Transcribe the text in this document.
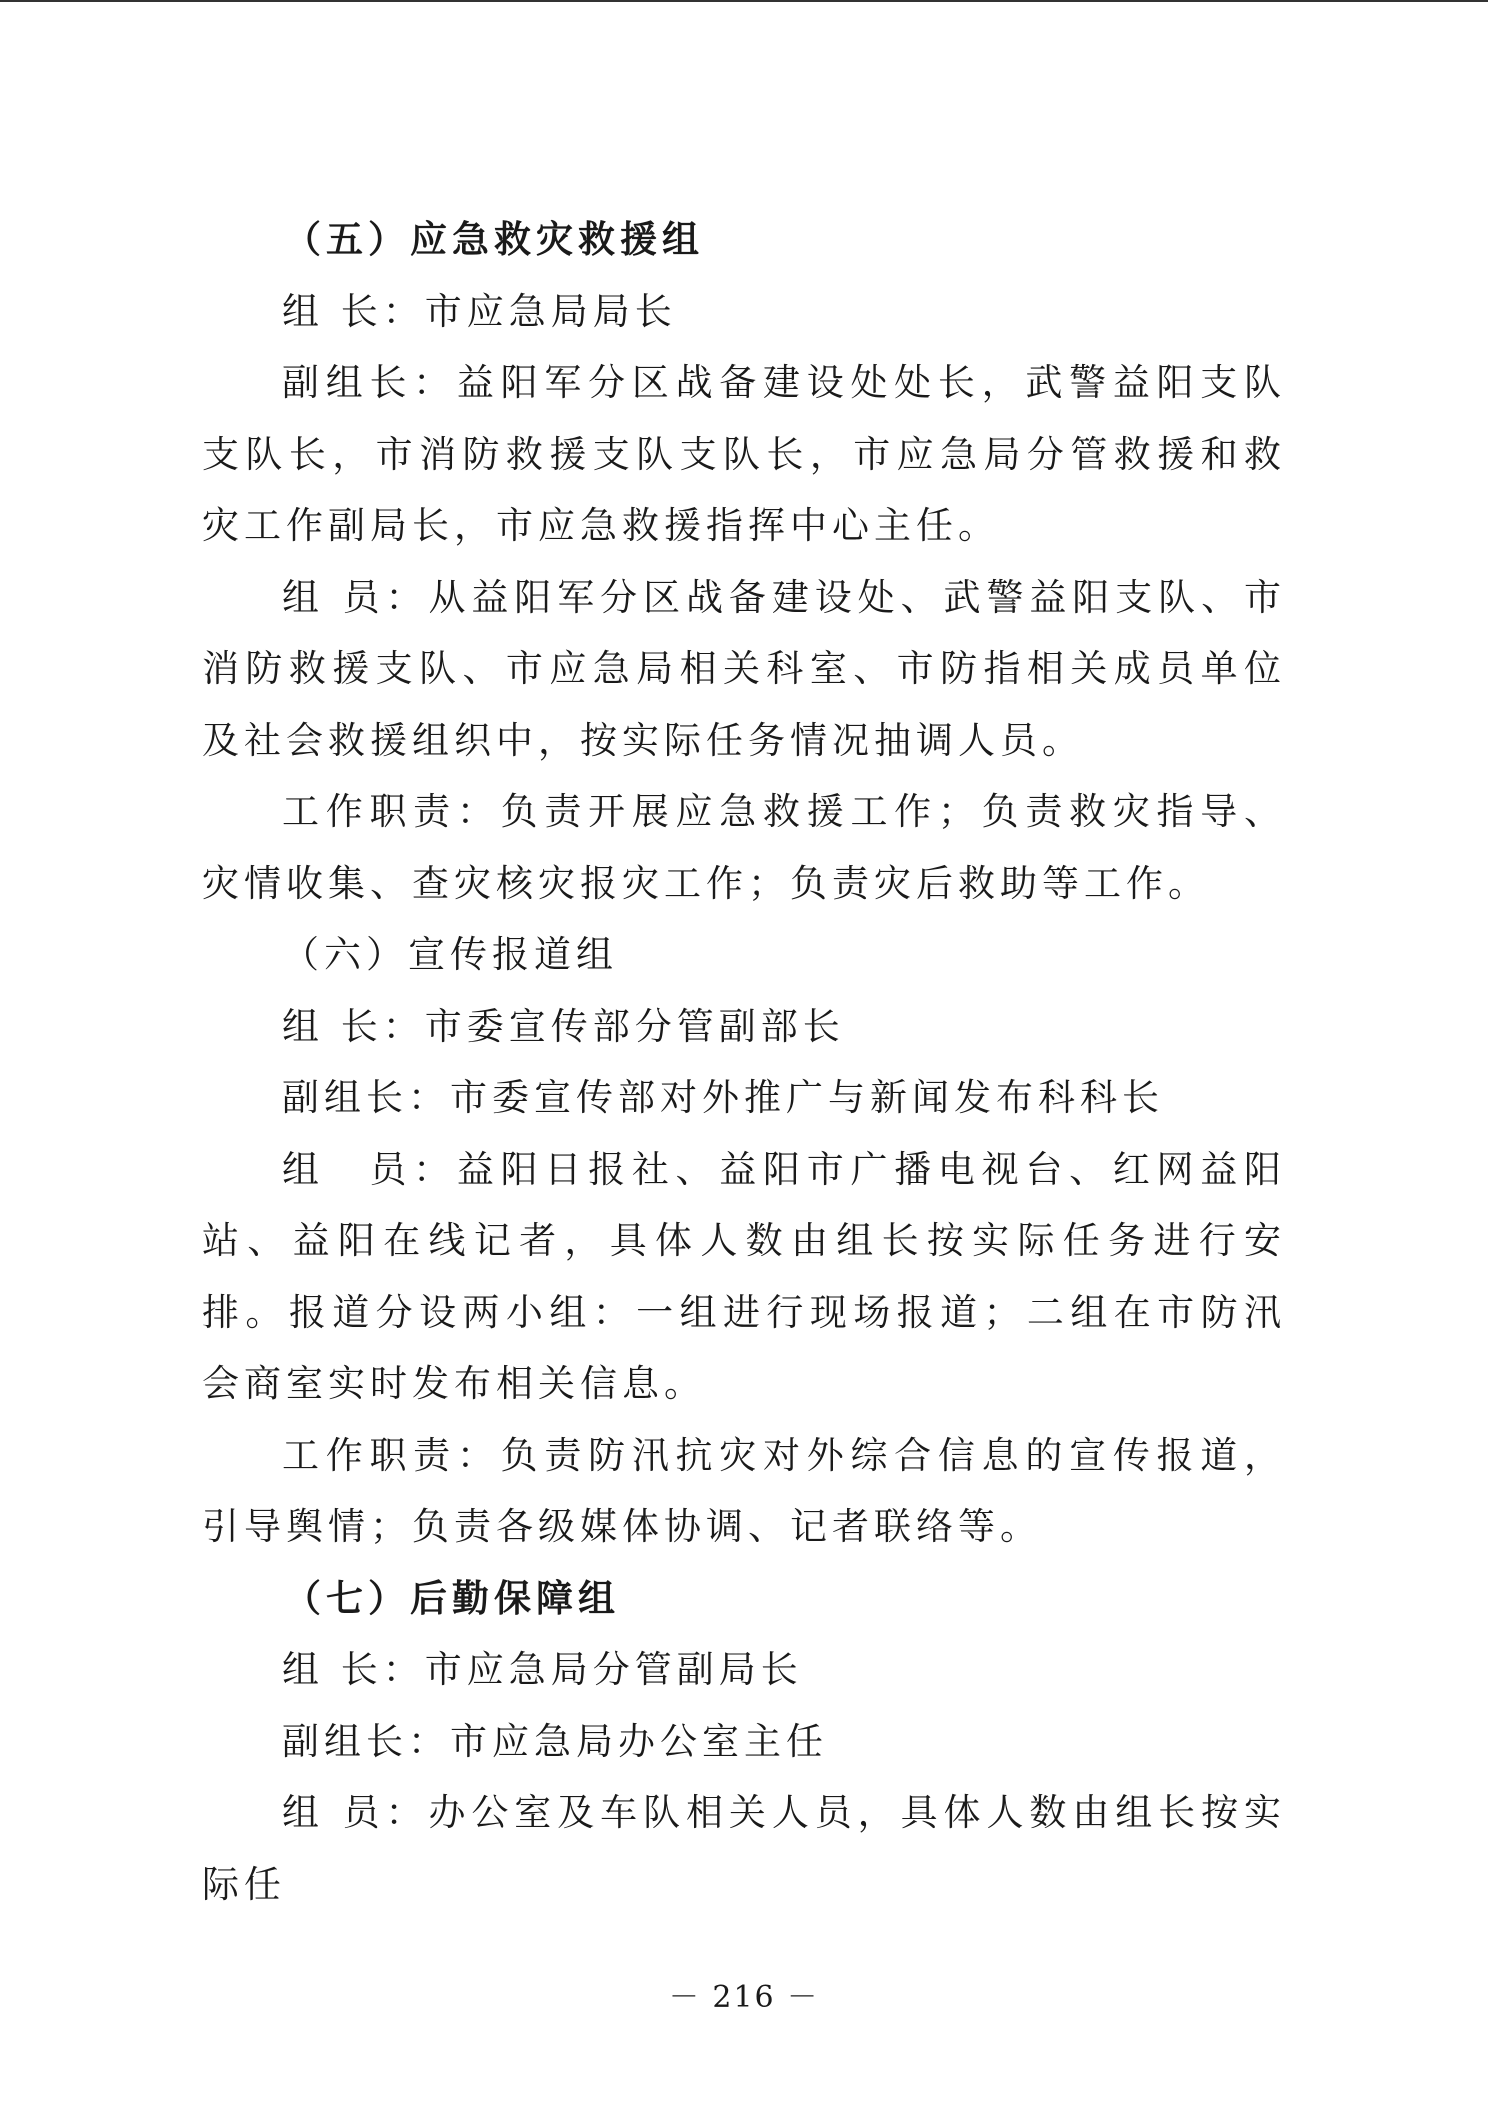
（五）应急救灾救援组

组 长：市应急局局长

副组长：益阳军分区战备建设处处长，武警益阳支队支队长，市消防救援支队支队长，市应急局分管救援和救灾工作副局长，市应急救援指挥中心主任。

组 员：从益阳军分区战备建设处、武警益阳支队、市消防救援支队、市应急局相关科室、市防指相关成员单位及社会救援组织中，按实际任务情况抽调人员。

工作职责：负责开展应急救援工作；负责救灾指导、灾情收集、查灾核灾报灾工作；负责灾后救助等工作。

（六）宣传报道组

组 长：市委宣传部分管副部长

副组长：市委宣传部对外推广与新闻发布科科长

组　员：益阳日报社、益阳市广播电视台、红网益阳站、益阳在线记者，具体人数由组长按实际任务进行安排。报道分设两小组：一组进行现场报道；二组在市防汛会商室实时发布相关信息。

工作职责：负责防汛抗灾对外综合信息的宣传报道，引导舆情；负责各级媒体协调、记者联络等。

（七）后勤保障组

组 长：市应急局分管副局长

副组长：市应急局办公室主任

组 员：办公室及车队相关人员，具体人数由组长按实际任

－ 216 －
